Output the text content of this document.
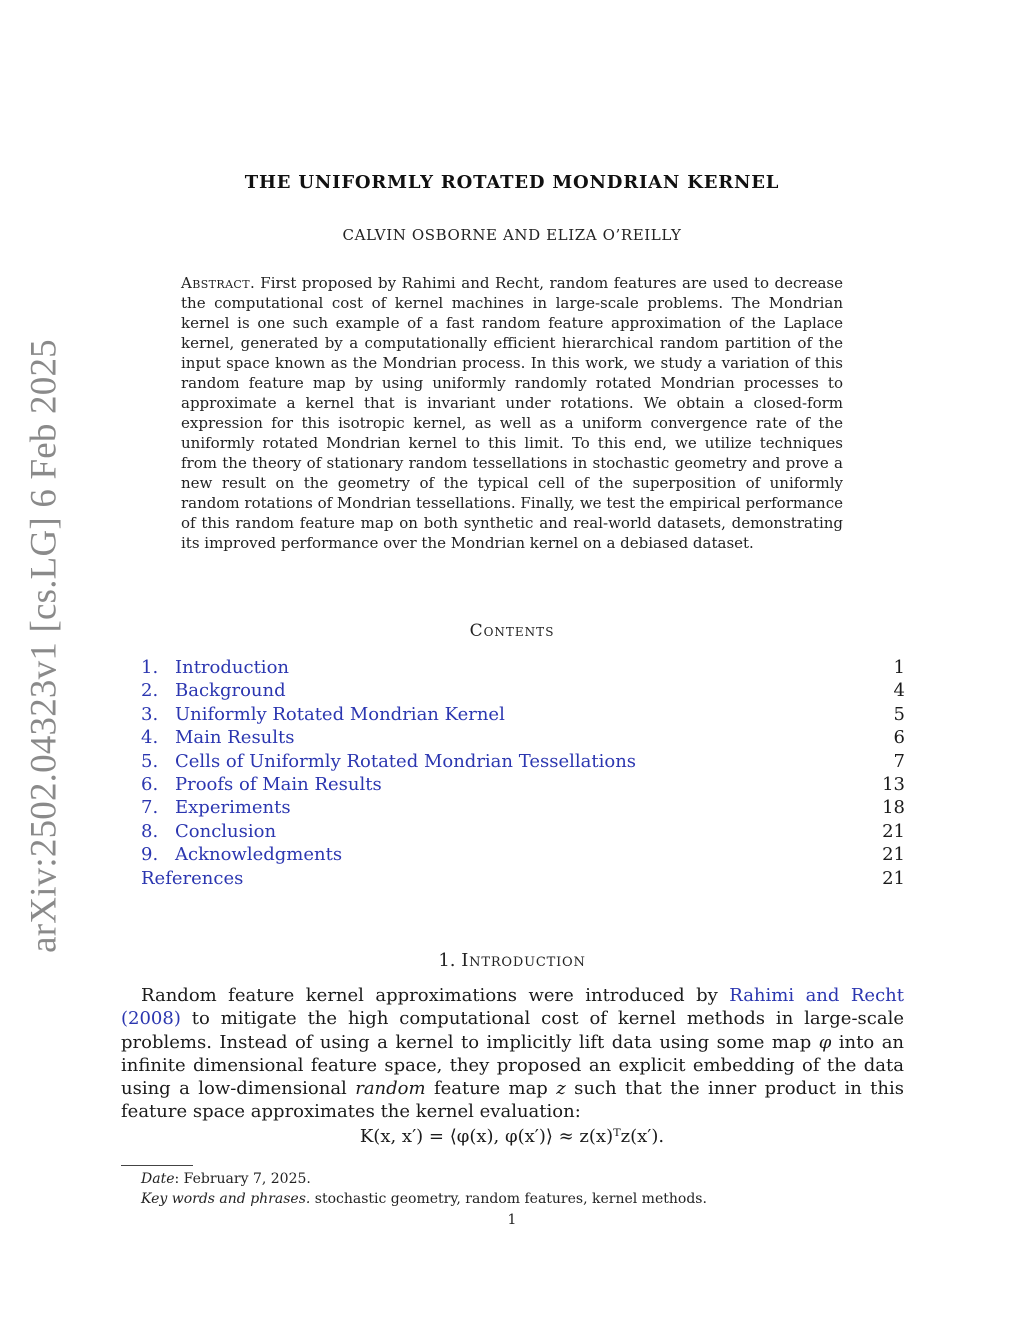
arXiv:2502.04323v1 [cs.LG] 6 Feb 2025
THE UNIFORMLY ROTATED MONDRIAN KERNEL
CALVIN OSBORNE AND ELIZA O’REILLY
Abstract. First proposed by Rahimi and Recht, random features are used to decrease the computational cost of kernel machines in large-scale problems. The Mondrian kernel is one such example of a fast random feature approximation of the Laplace kernel, generated by a computationally efficient hierarchical random partition of the input space known as the Mondrian process. In this work, we study a variation of this random feature map by using uniformly randomly rotated Mondrian processes to approximate a kernel that is invariant under rotations. We obtain a closed-form expression for this isotropic kernel, as well as a uniform convergence rate of the uniformly rotated Mondrian kernel to this limit. To this end, we utilize techniques from the theory of stationary random tessellations in stochastic geometry and prove a new result on the geometry of the typical cell of the superposition of uniformly random rotations of Mondrian tessellations. Finally, we test the empirical performance of this random feature map on both synthetic and real-world datasets, demonstrating its improved performance over the Mondrian kernel on a debiased dataset.
Contents
1. Introduction	1
2. Background	4
3. Uniformly Rotated Mondrian Kernel	5
4. Main Results	6
5. Cells of Uniformly Rotated Mondrian Tessellations	7
6. Proofs of Main Results	13
7. Experiments	18
8. Conclusion	21
9. Acknowledgments	21
References	21
1. Introduction

Random feature kernel approximations were introduced by Rahimi and Recht (2008) to mitigate the high computational cost of kernel methods in large-scale problems. Instead of using a kernel to implicitly lift data using some map φ into an infinite dimensional feature space, they proposed an explicit embedding of the data using a low-dimensional random feature map z such that the inner product in this feature space approximates the kernel evaluation:

K(x, x′) = ⟨φ(x), φ(x′)⟩ ≈ z(x)ᵀz(x′).
Date: February 7, 2025.
Key words and phrases. stochastic geometry, random features, kernel methods.
1
